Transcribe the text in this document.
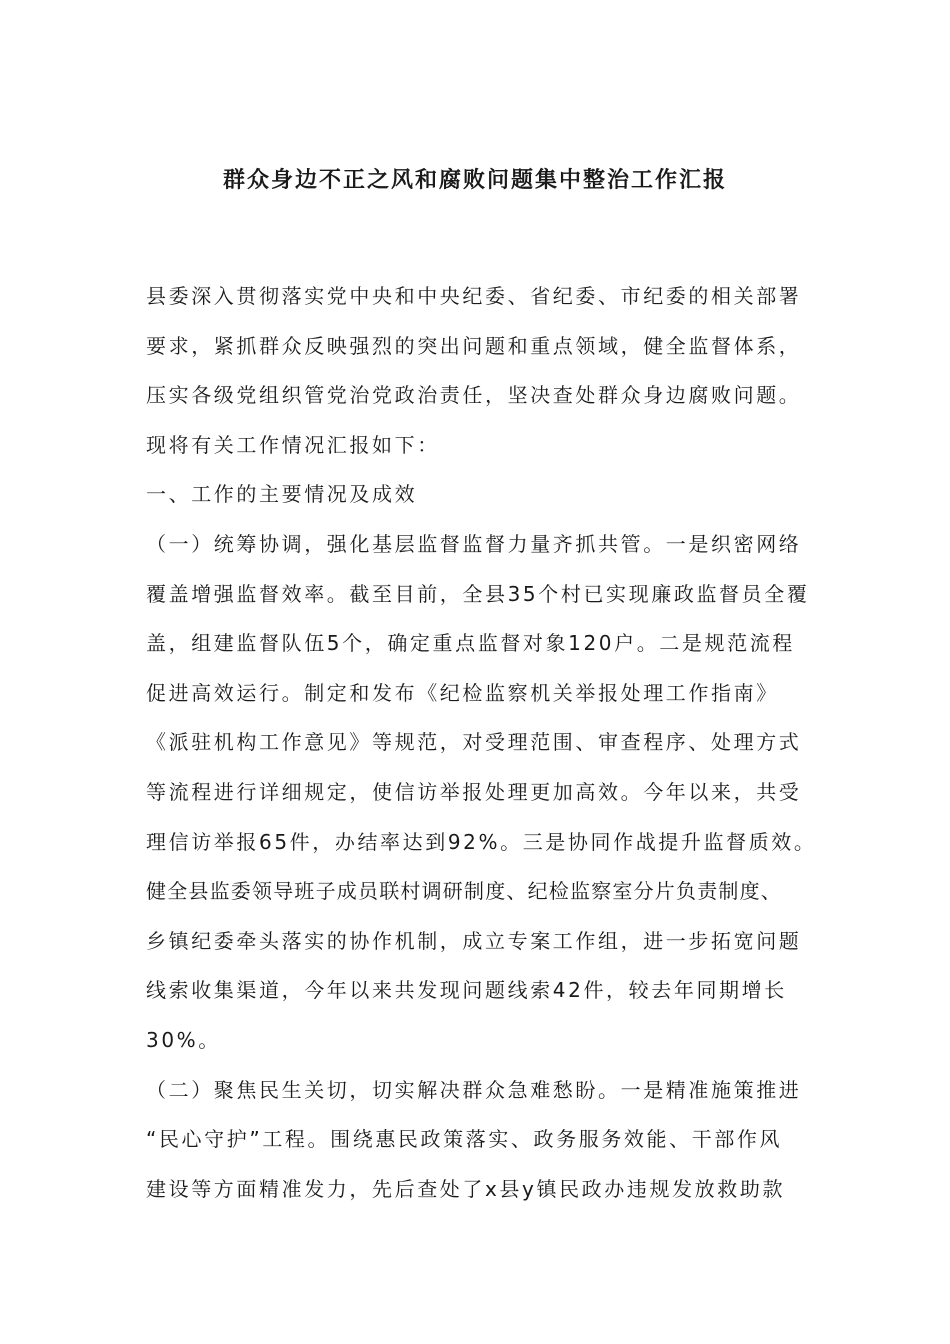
群众身边不正之风和腐败问题集中整治工作汇报
县委深入贯彻落实党中央和中央纪委、省纪委、市纪委的相关部署
要求，紧抓群众反映强烈的突出问题和重点领域，健全监督体系，
压实各级党组织管党治党政治责任，坚决查处群众身边腐败问题。
现将有关工作情况汇报如下：
一、工作的主要情况及成效
（一）统筹协调，强化基层监督监督力量齐抓共管。一是织密网络
覆盖增强监督效率。截至目前，全县35个村已实现廉政监督员全覆
盖，组建监督队伍5个，确定重点监督对象120户。二是规范流程
促进高效运行。制定和发布《纪检监察机关举报处理工作指南》
《派驻机构工作意见》等规范，对受理范围、审查程序、处理方式
等流程进行详细规定，使信访举报处理更加高效。今年以来，共受
理信访举报65件，办结率达到92%。三是协同作战提升监督质效。
健全县监委领导班子成员联村调研制度、纪检监察室分片负责制度、
乡镇纪委牵头落实的协作机制，成立专案工作组，进一步拓宽问题
线索收集渠道，今年以来共发现问题线索42件，较去年同期增长
30%。
（二）聚焦民生关切，切实解决群众急难愁盼。一是精准施策推进
“民心守护”工程。围绕惠民政策落实、政务服务效能、干部作风
建设等方面精准发力，先后查处了x县y镇民政办违规发放救助款
